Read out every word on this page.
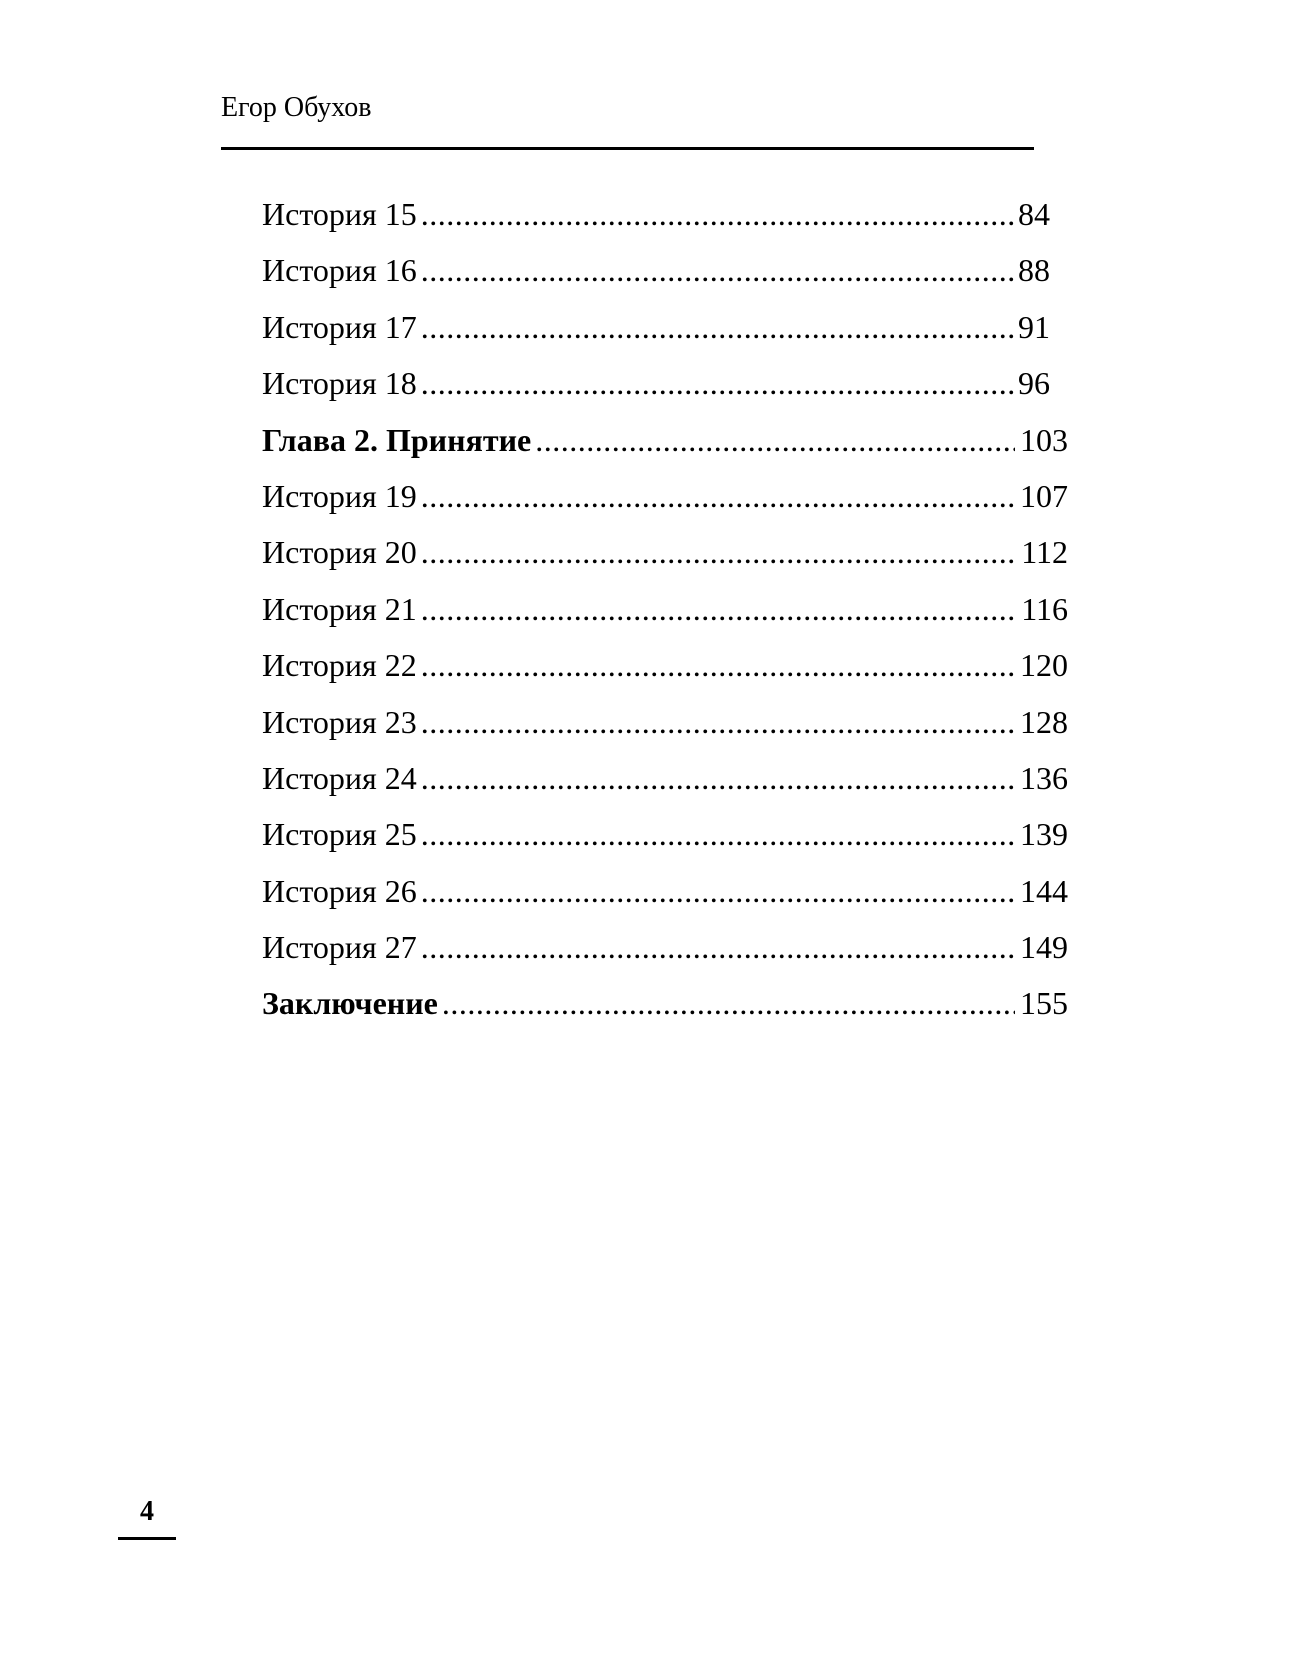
Егор Обухов
История 15 .....	84
История 16 .....	88
История 17 .....	91
История 18 .....	96
Глава 2. Принятие .....	103
История 19 .....	107
История 20 .....	112
История 21 .....	116
История 22 .....	120
История 23 .....	128
История 24 .....	136
История 25 .....	139
История 26 .....	144
История 27 .....	149
Заключение .....	155
4
